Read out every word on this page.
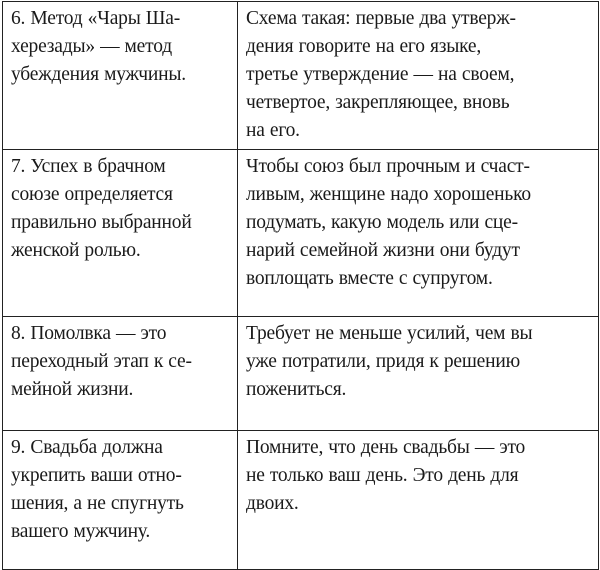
6. Метод «Чары Ша-
херезады» — метод
убеждения мужчины.	Схема такая: первые два утверж-
дения говорите на его языке,
третье утверждение — на своем,
четвертое, закрепляющее, вновь
на его.

7. Успех в брачном
союзе определяется
правильно выбранной
женской ролью.	Чтобы союз был прочным и счаст-
ливым, женщине надо хорошенько
подумать, какую модель или сце-
нарий семейной жизни они будут
воплощать вместе с супругом.

8. Помолвка — это
переходный этап к се-
мейной жизни.	Требует не меньше усилий, чем вы
уже потратили, придя к решению
пожениться.

9. Свадьба должна
укрепить ваши отно-
шения, а не спугнуть
вашего мужчину.	Помните, что день свадьбы — это
не только ваш день. Это день для
двоих.
